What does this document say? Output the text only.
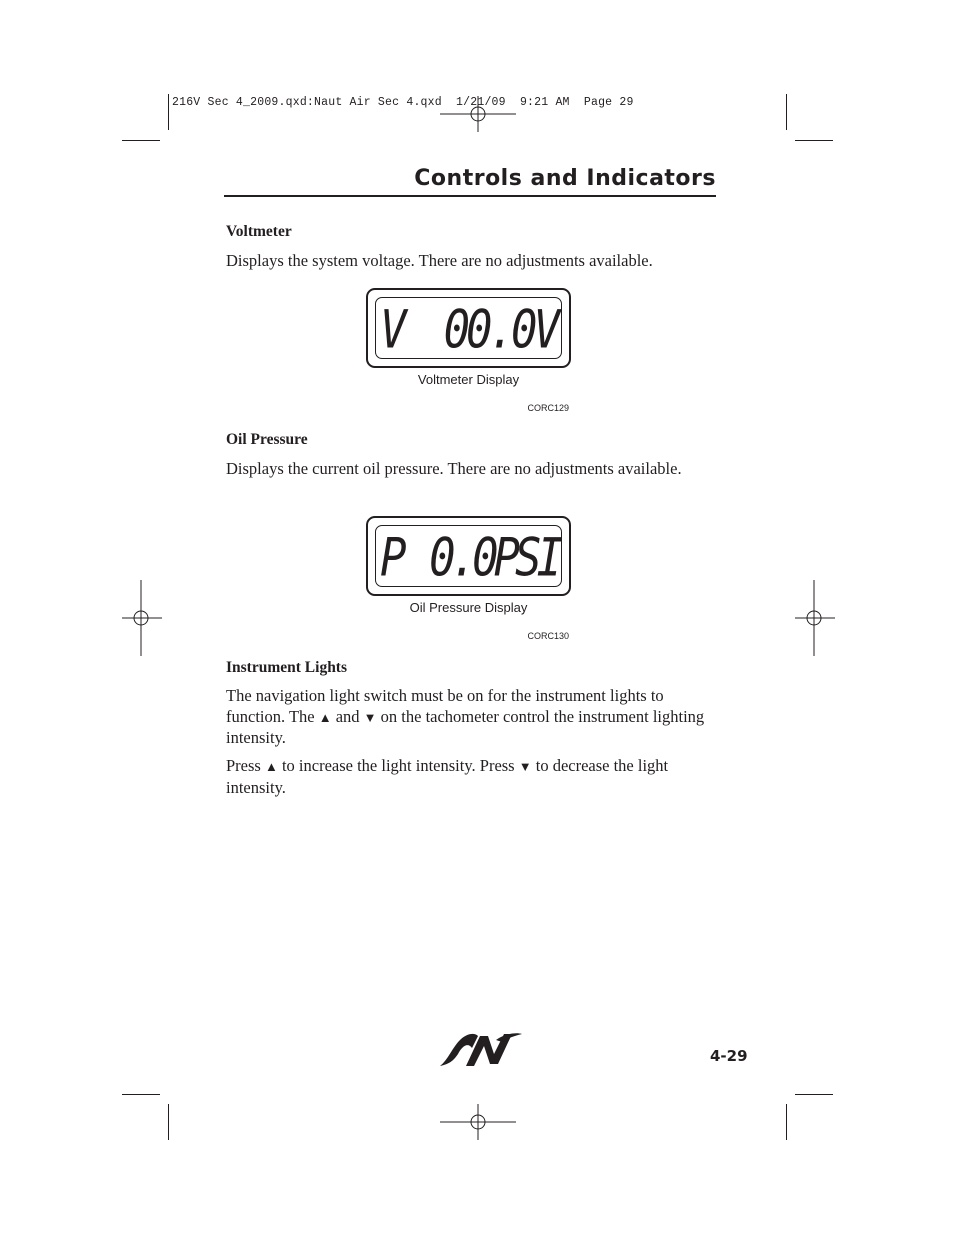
216V Sec 4_2009.qxd:Naut Air Sec 4.qxd  1/21/09  9:21 AM  Page 29
Controls and Indicators
Voltmeter
Displays the system voltage. There are no adjustments available.
V 00.0V
Voltmeter Display
CORC129
Oil Pressure
Displays the current oil pressure. There are no adjustments available.
P 0.0PSI
Oil Pressure Display
CORC130
Instrument Lights
The navigation light switch must be on for the instrument lights to function. The ▲ and ▼ on the tachometer control the instrument lighting intensity.
Press ▲ to increase the light intensity. Press ▼ to decrease the light intensity.
4-29
